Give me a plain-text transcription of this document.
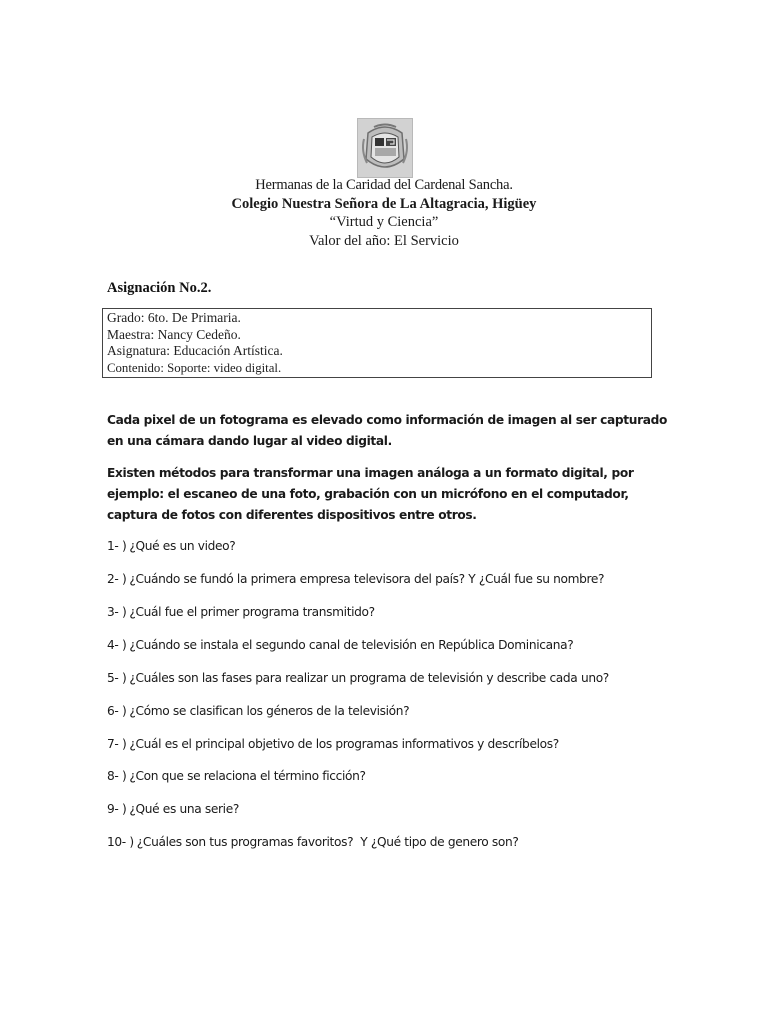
Hermanas de la Caridad del Cardenal Sancha.
Colegio Nuestra Señora de La Altagracia, Higüey
“Virtud y Ciencia”
Valor del año: El Servicio
Asignación No.2.
Grado: 6to. De Primaria.
Maestra: Nancy Cedeño.
Asignatura: Educación Artística.
Contenido: Soporte: video digital.
Cada pixel de un fotograma es elevado como información de imagen al ser capturado en una cámara dando lugar al video digital.
Existen métodos para transformar una imagen análoga a un formato digital, por ejemplo: el escaneo de una foto, grabación con un micrófono en el computador, captura de fotos con diferentes dispositivos entre otros.
1- ) ¿Qué es un video?
2- ) ¿Cuándo se fundó la primera empresa televisora del país? Y ¿Cuál fue su nombre?
3- ) ¿Cuál fue el primer programa transmitido?
4- ) ¿Cuándo se instala el segundo canal de televisión en República Dominicana?
5- ) ¿Cuáles son las fases para realizar un programa de televisión y describe cada uno?
6- ) ¿Cómo se clasifican los géneros de la televisión?
7- ) ¿Cuál es el principal objetivo de los programas informativos y descríbelos?
8- ) ¿Con que se relaciona el término ficción?
9- ) ¿Qué es una serie?
10- ) ¿Cuáles son tus programas favoritos?  Y ¿Qué tipo de genero son?
